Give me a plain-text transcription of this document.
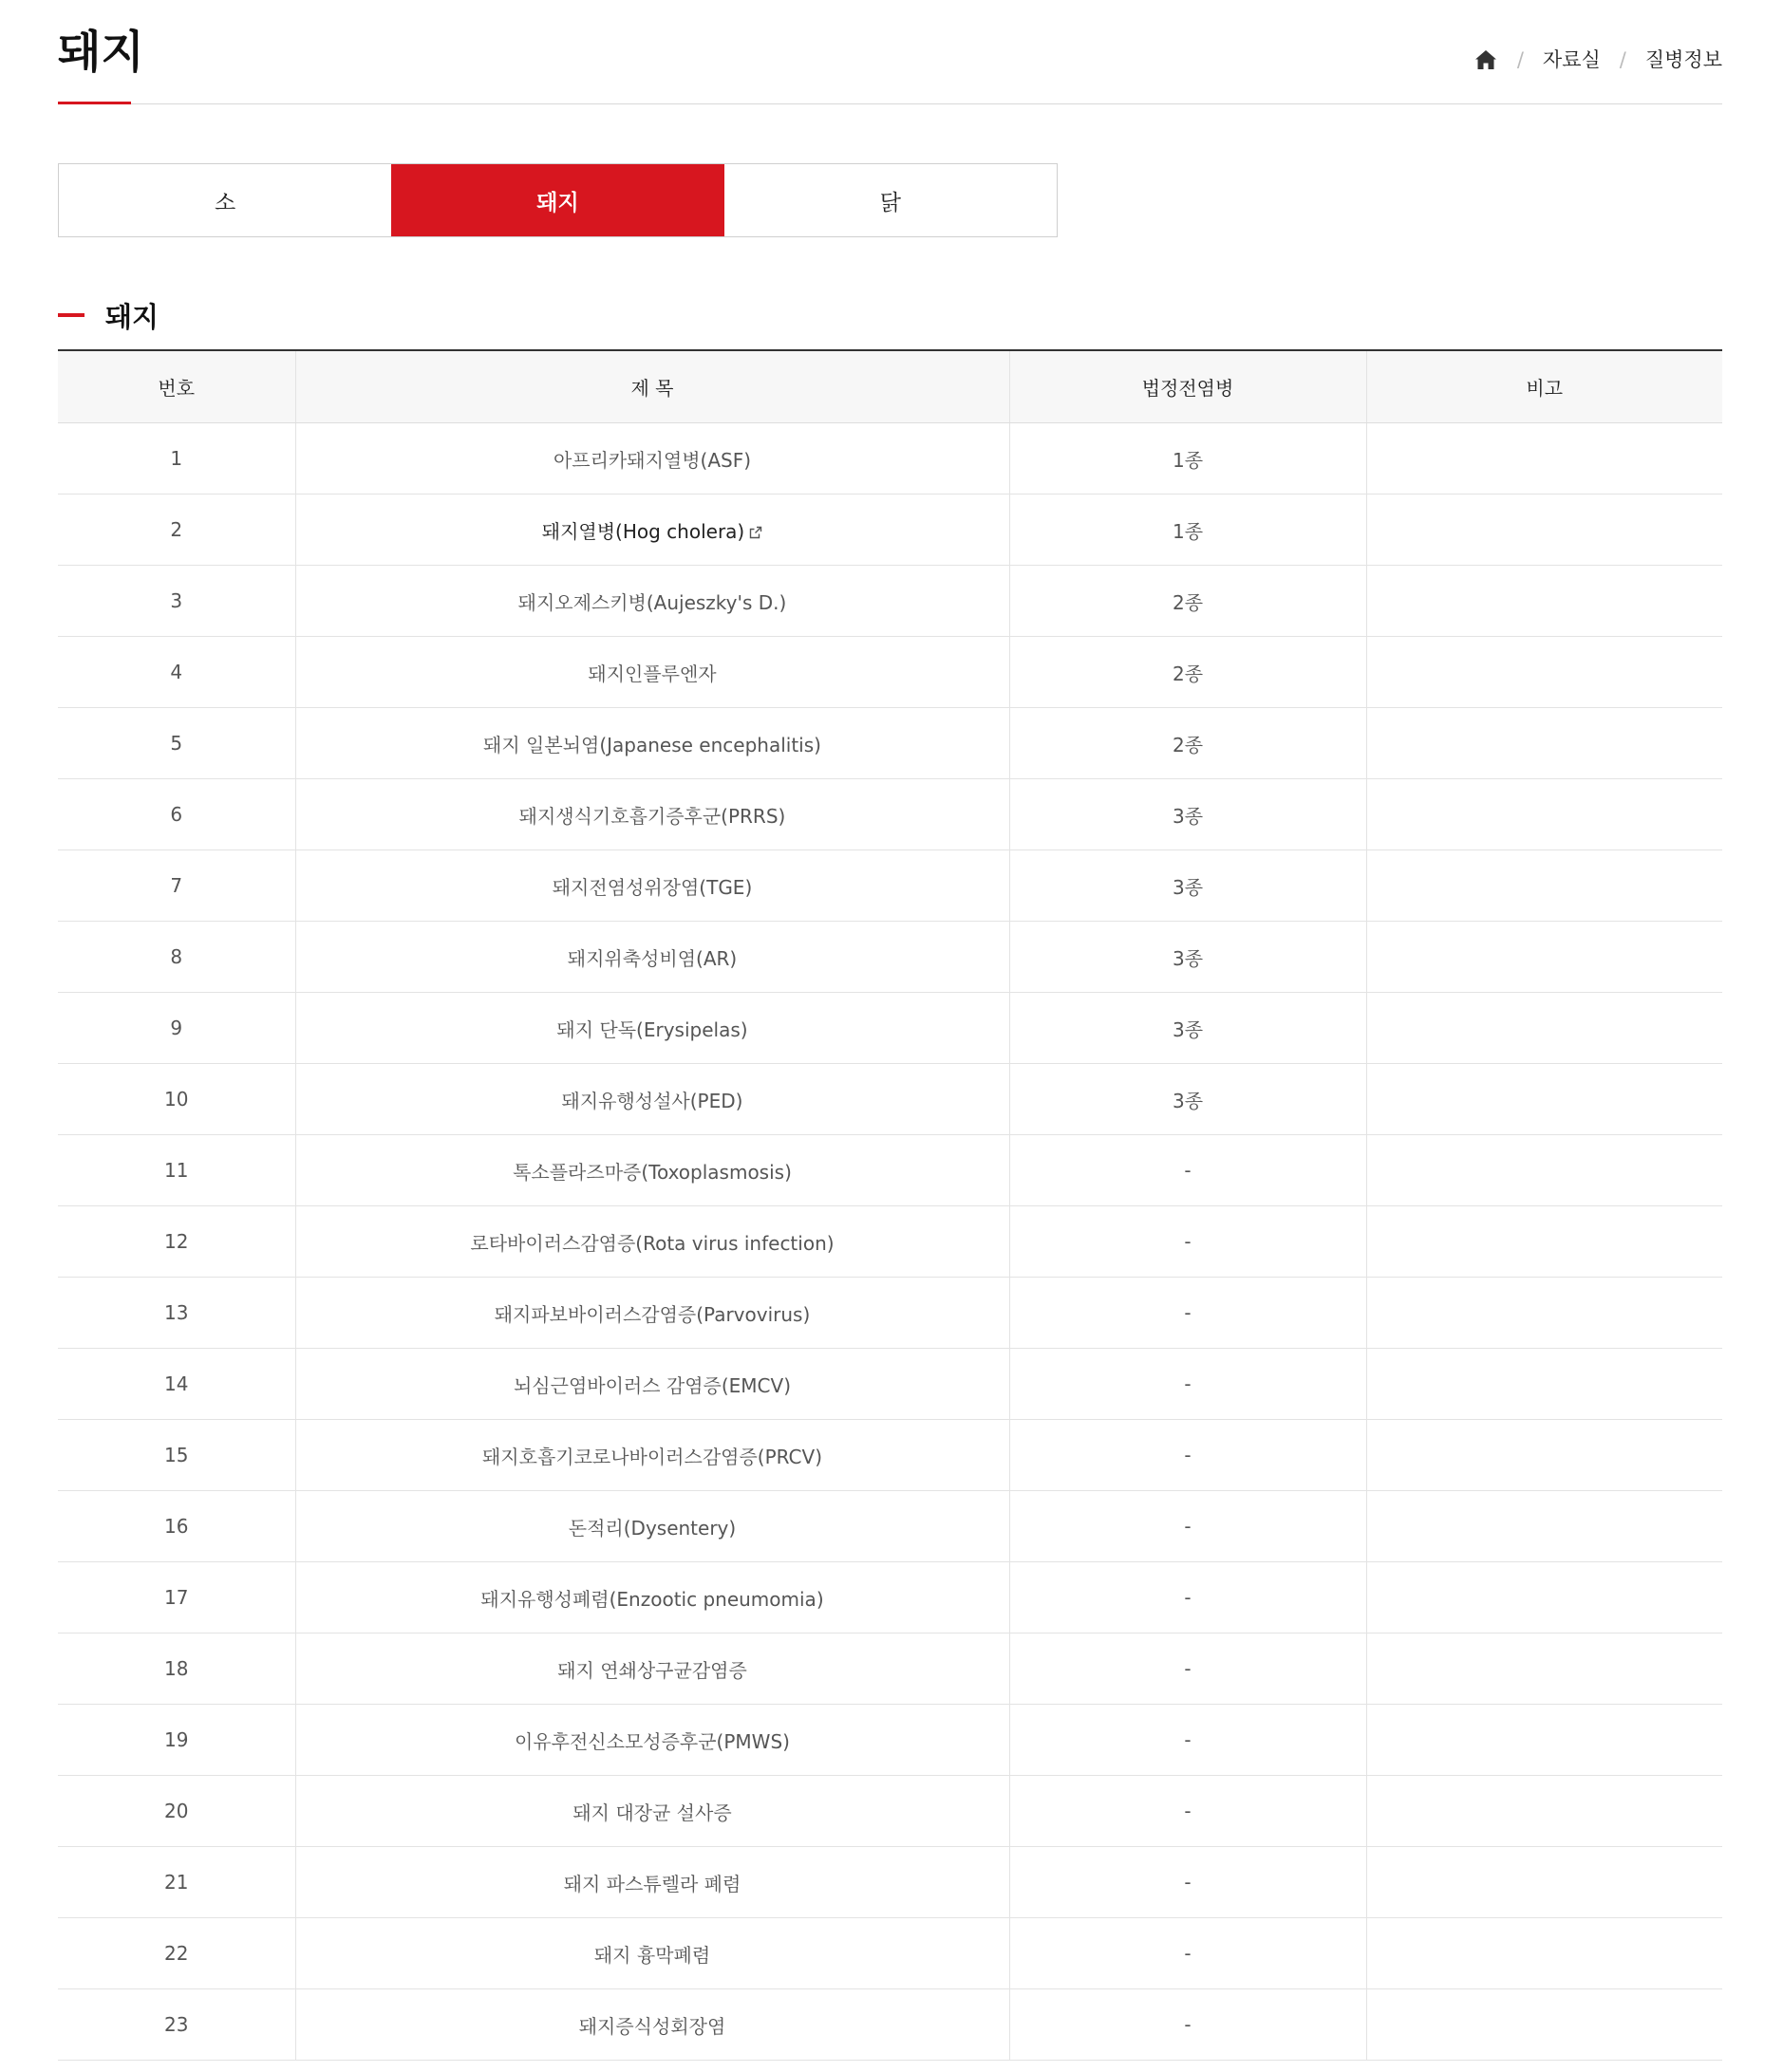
돼지	/ 자료실 / 질병정보
소	돼지	닭
돼지
번호	제 목	법정전염병	비고
1	아프리카돼지열병(ASF)	1종	
2	돼지열병(Hog cholera)	1종	
3	돼지오제스키병(Aujeszky's D.)	2종	
4	돼지인플루엔자	2종	
5	돼지 일본뇌염(Japanese encephalitis)	2종	
6	돼지생식기호흡기증후군(PRRS)	3종	
7	돼지전염성위장염(TGE)	3종	
8	돼지위축성비염(AR)	3종	
9	돼지 단독(Erysipelas)	3종	
10	돼지유행성설사(PED)	3종	
11	톡소플라즈마증(Toxoplasmosis)	-	
12	로타바이러스감염증(Rota virus infection)	-	
13	돼지파보바이러스감염증(Parvovirus)	-	
14	뇌심근염바이러스 감염증(EMCV)	-	
15	돼지호흡기코로나바이러스감염증(PRCV)	-	
16	돈적리(Dysentery)	-	
17	돼지유행성폐렴(Enzootic pneumomia)	-	
18	돼지 연쇄상구균감염증	-	
19	이유후전신소모성증후군(PMWS)	-	
20	돼지 대장균 설사증	-	
21	돼지 파스튜렐라 폐렴	-	
22	돼지 흉막폐렴	-	
23	돼지증식성회장염	-	
